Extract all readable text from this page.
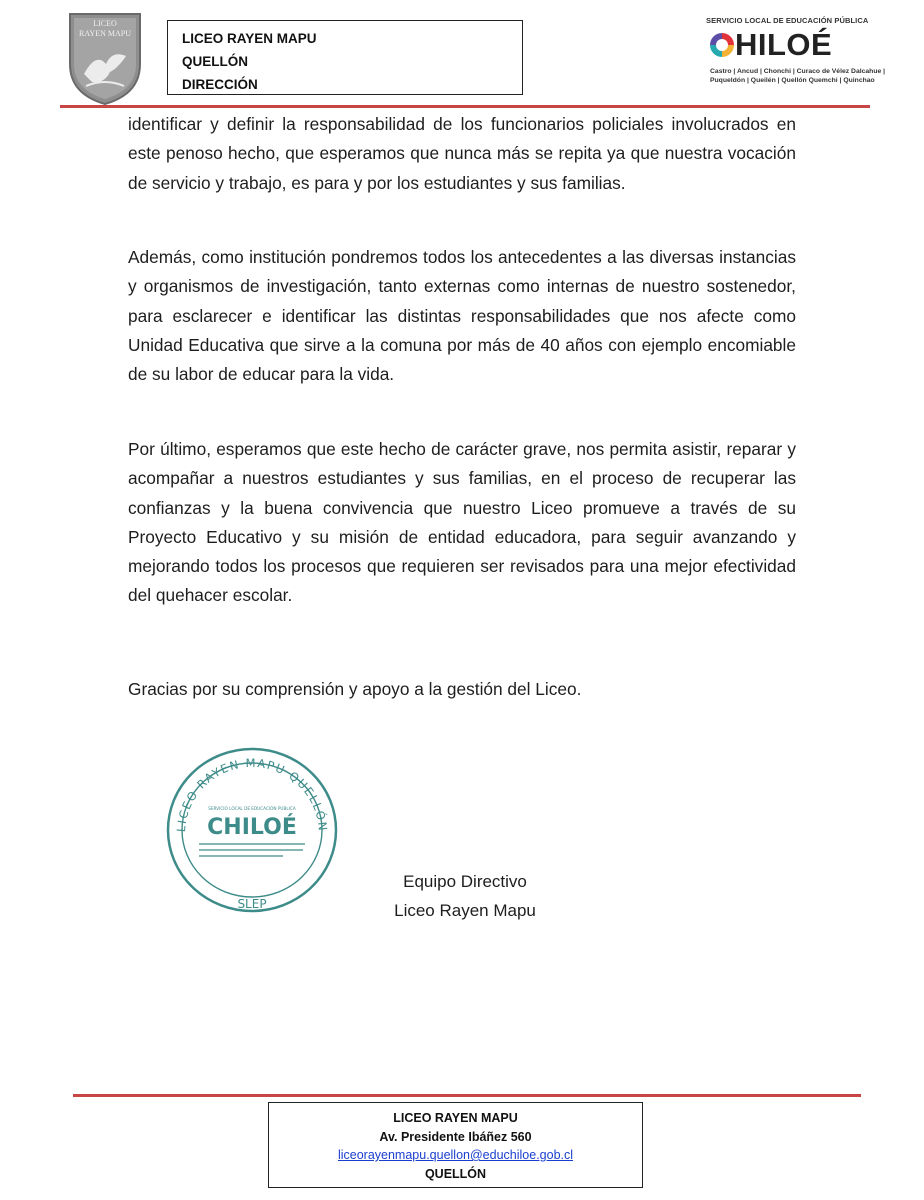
LICEO
RAYEN MAPU	LICEO RAYEN MAPU
QUELLÓN
DIRECCIÓN
SERVICIO LOCAL DE EDUCACIÓN PÚBLICA
HILOÉ
Castro | Ancud | Chonchi | Curaco de Vélez Dalcahue | Puqueldón | Queilén | Quellón Quemchi | Quinchao

identificar y definir la responsabilidad de los funcionarios policiales involucrados en este penoso hecho, que esperamos que nunca más se repita ya que nuestra vocación de servicio y trabajo, es para y por los estudiantes y sus familias.

Además, como institución pondremos todos los antecedentes a las diversas instancias y organismos de investigación, tanto externas como internas de nuestro sostenedor, para esclarecer e identificar las distintas responsabilidades que nos afecte como Unidad Educativa que sirve a la comuna por más de 40 años con ejemplo encomiable de su labor de educar para la vida.

Por último, esperamos que este hecho de carácter grave, nos permita asistir, reparar y acompañar a nuestros estudiantes y sus familias, en el proceso de recuperar las confianzas y la buena convivencia que nuestro Liceo promueve a través de su Proyecto Educativo y su misión de entidad educadora, para seguir avanzando y mejorando todos los procesos que requieren ser revisados para una mejor efectividad del quehacer escolar.

Gracias por su comprensión y apoyo a la gestión del Liceo.

LICEO RAYEN MAPU QUELLÓN
SERVICIO LOCAL DE EDUCACIÓN PÚBLICA
CHILOÉ
SLEP
Equipo Directivo
Liceo Rayen Mapu
LICEO RAYEN MAPU
Av. Presidente Ibáñez 560
liceorayenmapu.quellon@educhiloe.gob.cl
QUELLÓN
